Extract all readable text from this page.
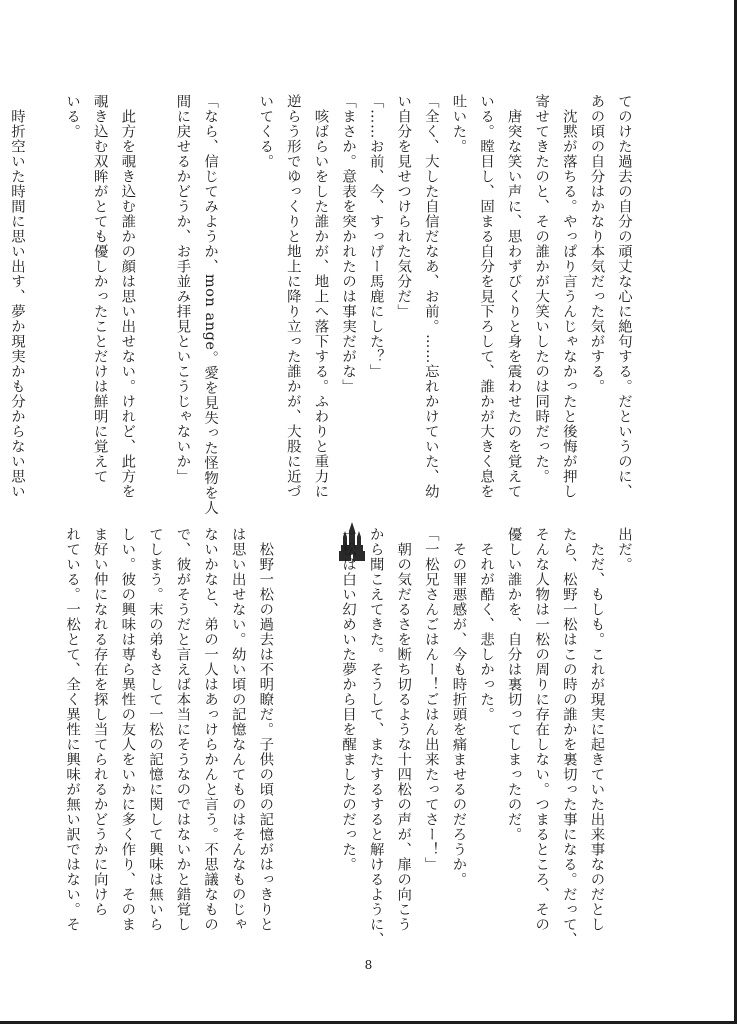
てのけた過去の自分の頑丈な心に絶句する。だというのに、
あの頃の自分はかなり本気だった気がする。
　沈黙が落ちる。やっぱり言うんじゃなかったと後悔が押し
寄せてきたのと、その誰かが大笑いしたのは同時だった。
　唐突な笑い声に、思わずびくりと身を震わせたのを覚えて
いる。瞠目し、固まる自分を見下ろして、誰かが大きく息を
吐いた。
「全く、大した自信だなあ、お前。……忘れかけていた、幼
い自分を見せつけられた気分だ」
「……お前、今、すっげー馬鹿にした？」
「まさか。意表を突かれたのは事実だがな」
　咳ばらいをした誰かが、地上へ落下する。ふわりと重力に
逆らう形でゆっくりと地上に降り立った誰かが、大股に近づ
いてくる。

「なら、信じてみようか、mon ange。愛を見失った怪物を人
間に戻せるかどうか、お手並み拝見といこうじゃないか」

　此方を覗き込む誰かの顔は思い出せない。けれど、此方を
覗き込む双眸がとても優しかったことだけは鮮明に覚えて
いる。

　時折空いた時間に思い出す、夢か現実かも分からない思い
出だ。
　ただ、もしも。これが現実に起きていた出来事なのだとし
たら、松野一松はこの時の誰かを裏切った事になる。だって、
そんな人物は一松の周りに存在しない。つまるところ、その
優しい誰かを、自分は裏切ってしまったのだ。
　それが酷く、悲しかった。
　その罪悪感が、今も時折頭を痛ませるのだろうか。
「一松兄さんごはんー！ごはん出来たってさー！」
　朝の気だるさを断ち切るような十四松の声が、扉の向こう
から聞こえてきた。そうして、またするすると解けるように、
一松は白い幻めいた夢から目を醒ましたのだった。

　松野一松の過去は不明瞭だ。子供の頃の記憶がはっきりと
は思い出せない。幼い頃の記憶なんてものはそんなものじゃ
ないかなと、弟の一人はあっけらかんと言う。不思議なもの
で、彼がそうだと言えば本当にそうなのではないかと錯覚し
てしまう。末の弟もさして一松の記憶に関して興味は無いら
しい。彼の興味は専ら異性の友人をいかに多く作り、そのま
ま好い仲になれる存在を探し当てられるかどうかに向けら
れている。一松とて、全く異性に興味が無い訳ではない。そ
8
